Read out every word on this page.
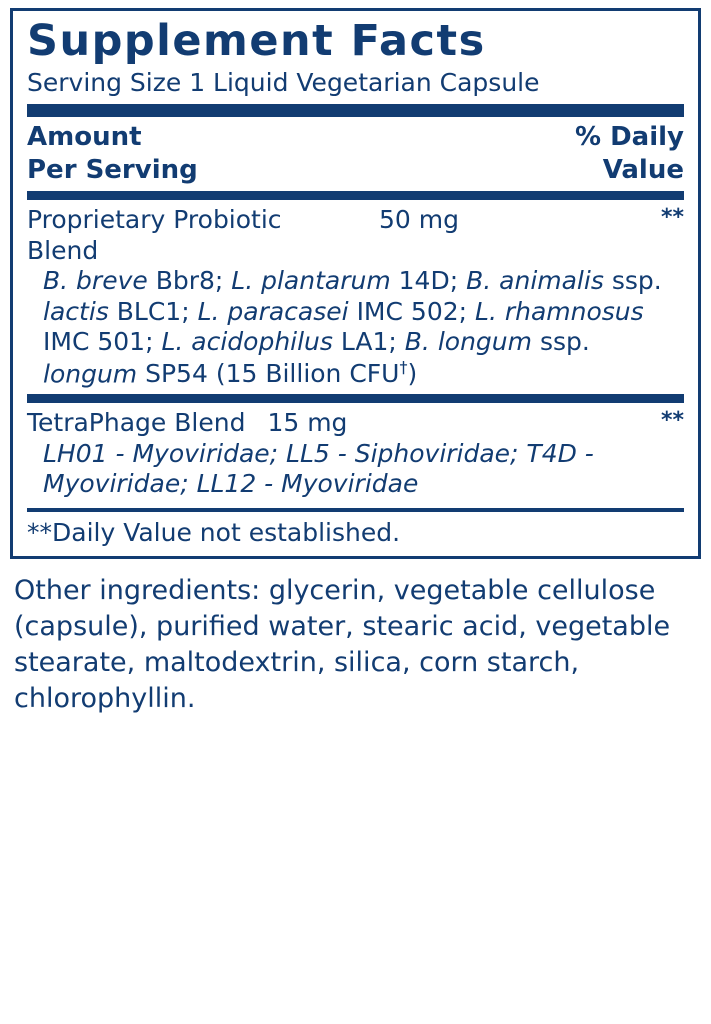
Supplement Facts
Serving Size 1 Liquid Vegetarian Capsule
Amount
Per Serving
% Daily
Value
Proprietary Probiotic Blend
50 mg	**
B. breve Bbr8; L. plantarum 14D; B. animalis ssp. lactis BLC1; L. paracasei IMC 502; L. rhamnosus IMC 501; L. acidophilus LA1; B. longum ssp. longum SP54 (15 Billion CFU†)
TetraPhage Blend 15 mg	**
LH01 - Myoviridae; LL5 - Siphoviridae; T4D - Myoviridae; LL12 - Myoviridae
**Daily Value not established.
Other ingredients: glycerin, vegetable cellulose (capsule), purified water, stearic acid, vegetable stearate, maltodextrin, silica, corn starch, chlorophyllin.
